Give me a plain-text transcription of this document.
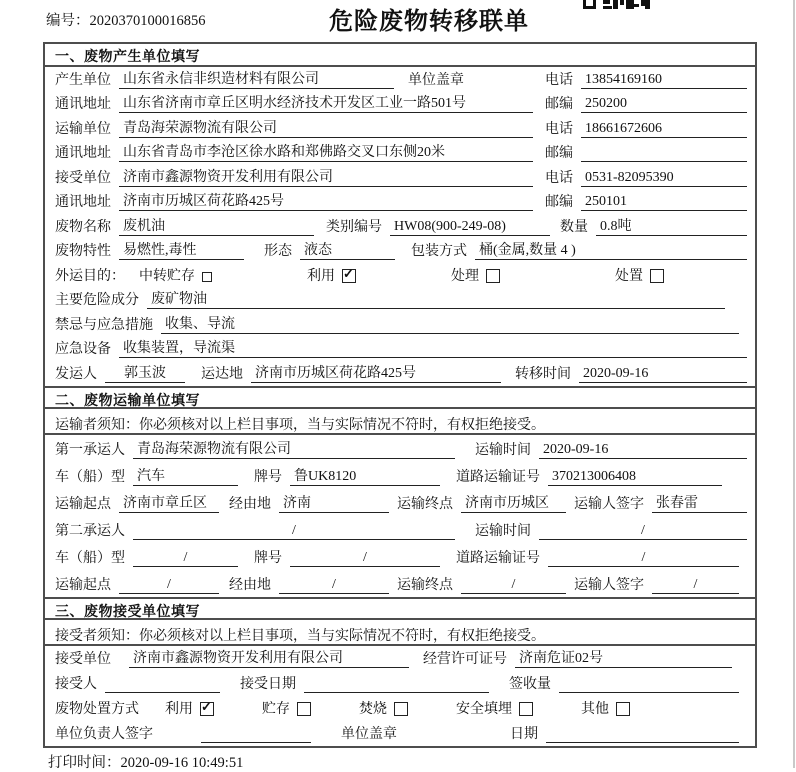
编号：2020370100016856	危险废物转移联单
一、废物产生单位填写
产生单位 山东省永信非织造材料有限公司	单位盖章	电话 13854169160
通讯地址 山东省济南市章丘区明水经济技术开发区工业一路501号	邮编 250200
运输单位 青岛海荣源物流有限公司	电话 18661672606
通讯地址 山东省青岛市李沧区徐水路和郑佛路交叉口东侧20米	邮编
接受单位 济南市鑫源物资开发利用有限公司	电话 0531-82095390
通讯地址 济南市历城区荷花路425号	邮编 250101
废物名称 废机油	类别编号 HW08(900-249-08)	数量 0.8吨
废物特性 易燃性,毒性	形态 液态	包装方式 桶(金属,数量 4 )
外运目的：	中转贮存	利用 ✓	处理	处置
主要危险成分 废矿物油
禁忌与应急措施 收集、导流
应急设备 收集装置，导流渠
发运人	郭玉波	运达地 济南市历城区荷花路425号	转移时间 2020-09-16
二、废物运输单位填写
运输者须知：你必须核对以上栏目事项，当与实际情况不符时，有权拒绝接受。
第一承运人 青岛海荣源物流有限公司	运输时间 2020-09-16
车（船）型 汽车	牌号 鲁UK8120	道路运输证号 370213006408
运输起点 济南市章丘区	经由地 济南	运输终点 济南市历城区	运输人签字 张春雷
第二承运人	/	运输时间	/
车（船）型	/	牌号	/	道路运输证号	/
运输起点	/	经由地	/	运输终点	/	运输人签字	/
三、废物接受单位填写
接受者须知：你必须核对以上栏目事项，当与实际情况不符时，有权拒绝接受。
接受单位	济南市鑫源物资开发利用有限公司	经营许可证号 济南危证02号
接受人	接受日期	签收量
废物处置方式	利用 ✓	贮存	焚烧	安全填埋	其他
单位负责人签字	单位盖章	日期
打印时间：2020-09-16 10:49:51
